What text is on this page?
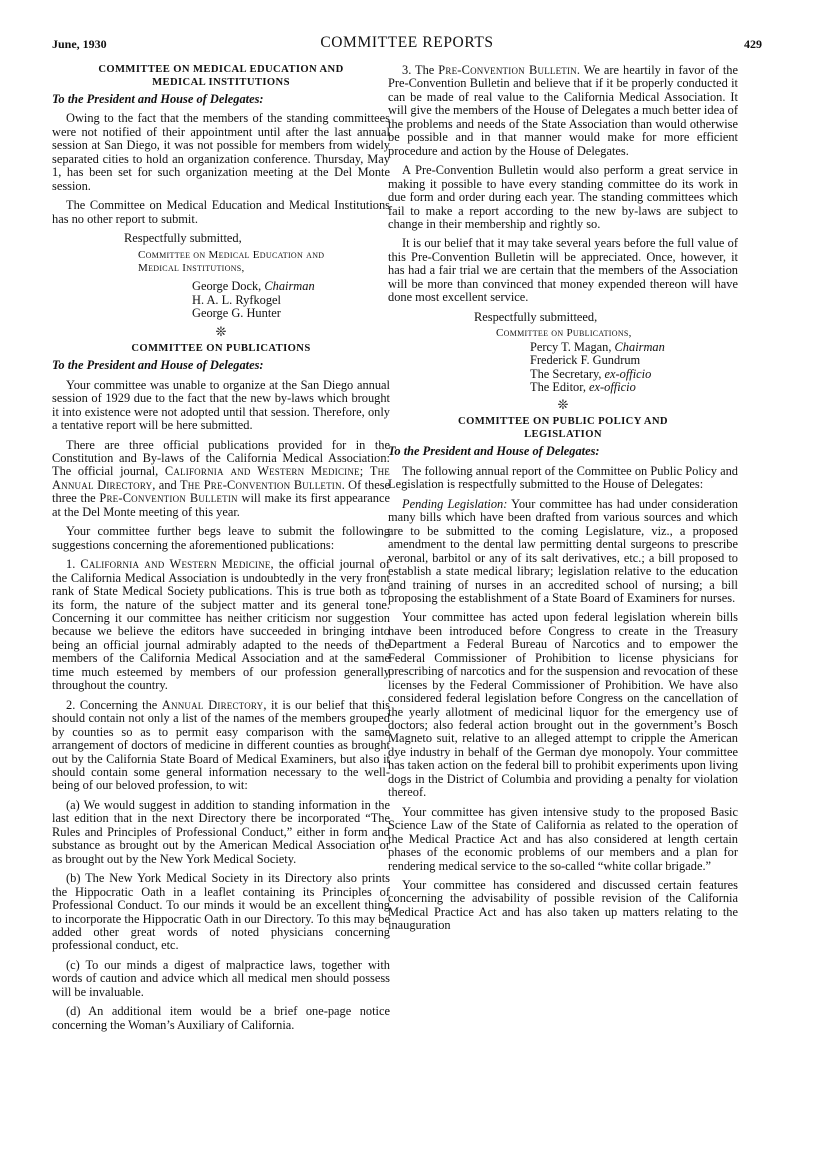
June, 1930	COMMITTEE REPORTS	429
COMMITTEE ON MEDICAL EDUCATION AND
MEDICAL INSTITUTIONS

To the President and House of Delegates:

Owing to the fact that the members of the standing committees were not notified of their appointment until after the last annual session at San Diego, it was not possible for members from widely separated cities to hold an organization conference. Thursday, May 1, has been set for such organization meeting at the Del Monte session.

The Committee on Medical Education and Medical Institutions has no other report to submit.

Respectfully submitted,
Committee on Medical Education and
Medical Institutions,
George Dock, Chairman
H. A. L. Ryfkogel
George G. Hunter
❊
COMMITTEE ON PUBLICATIONS

To the President and House of Delegates:

Your committee was unable to organize at the San Diego annual session of 1929 due to the fact that the new by-laws which brought it into existence were not adopted until that session. Therefore, only a tentative report will be here submitted.

There are three official publications provided for in the Constitution and By-laws of the California Medical Association: The official journal, California and Western Medicine; The Annual Directory, and The Pre-Convention Bulletin. Of these three the Pre-Convention Bulletin will make its first appearance at the Del Monte meeting of this year.

Your committee further begs leave to submit the following suggestions concerning the aforementioned publications:

1. California and Western Medicine, the official journal of the California Medical Association is undoubtedly in the very front rank of State Medical Society publications. This is true both as to its form, the nature of the subject matter and its general tone. Concerning it our committee has neither criticism nor suggestion because we believe the editors have succeeded in bringing into being an official journal admirably adapted to the needs of the members of the California Medical Association and at the same time much esteemed by members of our profession generally throughout the country.

2. Concerning the Annual Directory, it is our belief that this should contain not only a list of the names of the members grouped by counties so as to permit easy comparison with the same arrangement of doctors of medicine in different counties as brought out by the California State Board of Medical Examiners, but also it should contain some general information necessary to the well-being of our beloved profession, to wit:

(a) We would suggest in addition to standing information in the last edition that in the next Directory there be incorporated “The Rules and Principles of Professional Conduct,” either in form and substance as brought out by the American Medical Association or as brought out by the New York Medical Society.

(b) The New York Medical Society in its Directory also prints the Hippocratic Oath in a leaflet containing its Principles of Professional Conduct. To our minds it would be an excellent thing to incorporate the Hippocratic Oath in our Directory. To this may be added other great words of noted physicians concerning professional conduct, etc.

(c) To our minds a digest of malpractice laws, together with words of caution and advice which all medical men should possess will be invaluable.

(d) An additional item would be a brief one-page notice concerning the Woman’s Auxiliary of California.

3. The Pre-Convention Bulletin. We are heartily in favor of the Pre-Convention Bulletin and believe that if it be properly conducted it can be made of real value to the California Medical Association. It will give the members of the House of Delegates a much better idea of the problems and needs of the State Association than would otherwise be possible and in that manner would make for more efficient procedure and action by the House of Delegates.

A Pre-Convention Bulletin would also perform a great service in making it possible to have every standing committee do its work in due form and order during each year. The standing committees which fail to make a report according to the new by-laws are subject to change in their membership and rightly so.

It is our belief that it may take several years before the full value of this Pre-Convention Bulletin will be appreciated. Once, however, it has had a fair trial we are certain that the members of the Association will be more than convinced that money expended thereon will have done most excellent service.

Respectfully submitteed,
Committee on Publications,
Percy T. Magan, Chairman
Frederick F. Gundrum
The Secretary, ex-officio
The Editor, ex-officio
❊
COMMITTEE ON PUBLIC POLICY AND
LEGISLATION

To the President and House of Delegates:

The following annual report of the Committee on Public Policy and Legislation is respectfully submitted to the House of Delegates:

Pending Legislation: Your committee has had under consideration many bills which have been drafted from various sources and which are to be submitted to the coming Legislature, viz., a proposed amendment to the dental law permitting dental surgeons to prescribe veronal, barbitol or any of its salt derivatives, etc.; a bill proposed to establish a state medical library; legislation relative to the education and training of nurses in an accredited school of nursing; a bill proposing the establishment of a State Board of Examiners for nurses.

Your committee has acted upon federal legislation wherein bills have been introduced before Congress to create in the Treasury Department a Federal Bureau of Narcotics and to empower the Federal Commissioner of Prohibition to license physicians for prescribing of narcotics and for the suspension and revocation of these licenses by the Federal Commissioner of Prohibition. We have also considered federal legislation before Congress on the cancellation of the yearly allotment of medicinal liquor for the emergency use of doctors; also federal action brought out in the government’s Bosch Magneto suit, relative to an alleged attempt to cripple the American dye industry in behalf of the German dye monopoly. Your committee has taken action on the federal bill to prohibit experiments upon living dogs in the District of Columbia and providing a penalty for violation thereof.

Your committee has given intensive study to the proposed Basic Science Law of the State of California as related to the operation of the Medical Practice Act and has also considered at length certain phases of the economic problems of our members and a plan for rendering medical service to the so-called “white collar brigade.”

Your committee has considered and discussed certain features concerning the advisability of possible revision of the California Medical Practice Act and has also taken up matters relating to the inauguration
